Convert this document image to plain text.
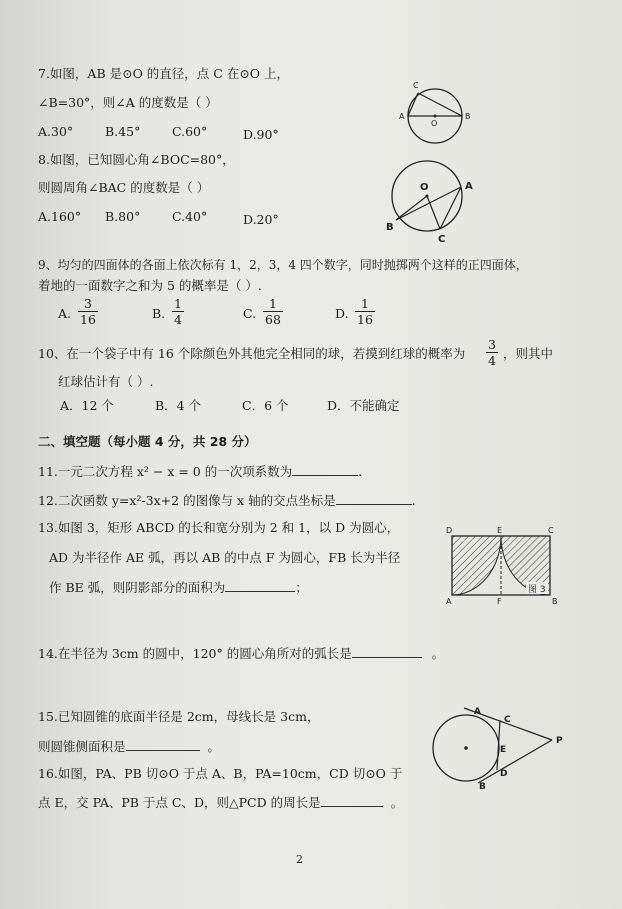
7.如图，AB 是⊙O 的直径，点 C 在⊙O 上，
∠B=30°，则∠A 的度数是（ ）
A.30°	B.45°	C.60°	D.90°
C
A
O
B
8.如图，已知圆心角∠BOC=80°，
则圆周角∠BAC 的度数是（ ）
A.160° B.80°	C.40°	D.20°
O	A
B
C
9、均匀的四面体的各面上依次标有 1，2，3，4 四个数字，同时抛掷两个这样的正四面体，
着地的一面数字之和为 5 的概率是（ ）.
A. $\frac{3}{16}$	B. $\frac{1}{4}$	C. $\frac{1}{68}$	D. $\frac{1}{16}$
10、在一个袋子中有 16 个除颜色外其他完全相同的球，若摸到红球的概率为 $\frac{3}{4}$ ，则其中
红球估计有（ ）.
A．12 个	B．4 个	C．6 个	D．不能确定
二、填空题（每小题 4 分，共 28 分）
11.一元二次方程 x² − x = 0 的一次项系数为	.
12.二次函数 y=x²-3x+2 的图像与 x 轴的交点坐标是	.
13.如图 3，矩形 ABCD 的长和宽分别为 2 和 1，以 D 为圆心，
AD 为半径作 AE 弧，再以 AB 的中点 F 为圆心，FB 长为半径
作 BE 弧，则阴影部分的面积为	；
D	E	C
A	F	B
图 3
14.在半径为 3cm 的圆中，120° 的圆心角所对的弧长是	。
15.已知圆锥的底面半径是 2cm，母线长是 3cm，
则圆锥侧面积是	。
16.如图，PA、PB 切⊙O 于点 A、B，PA=10cm，CD 切⊙O 于
点 E，交 PA、PB 于点 C、D，则△PCD 的周长是	。
A
C
P
E
D
B
2
